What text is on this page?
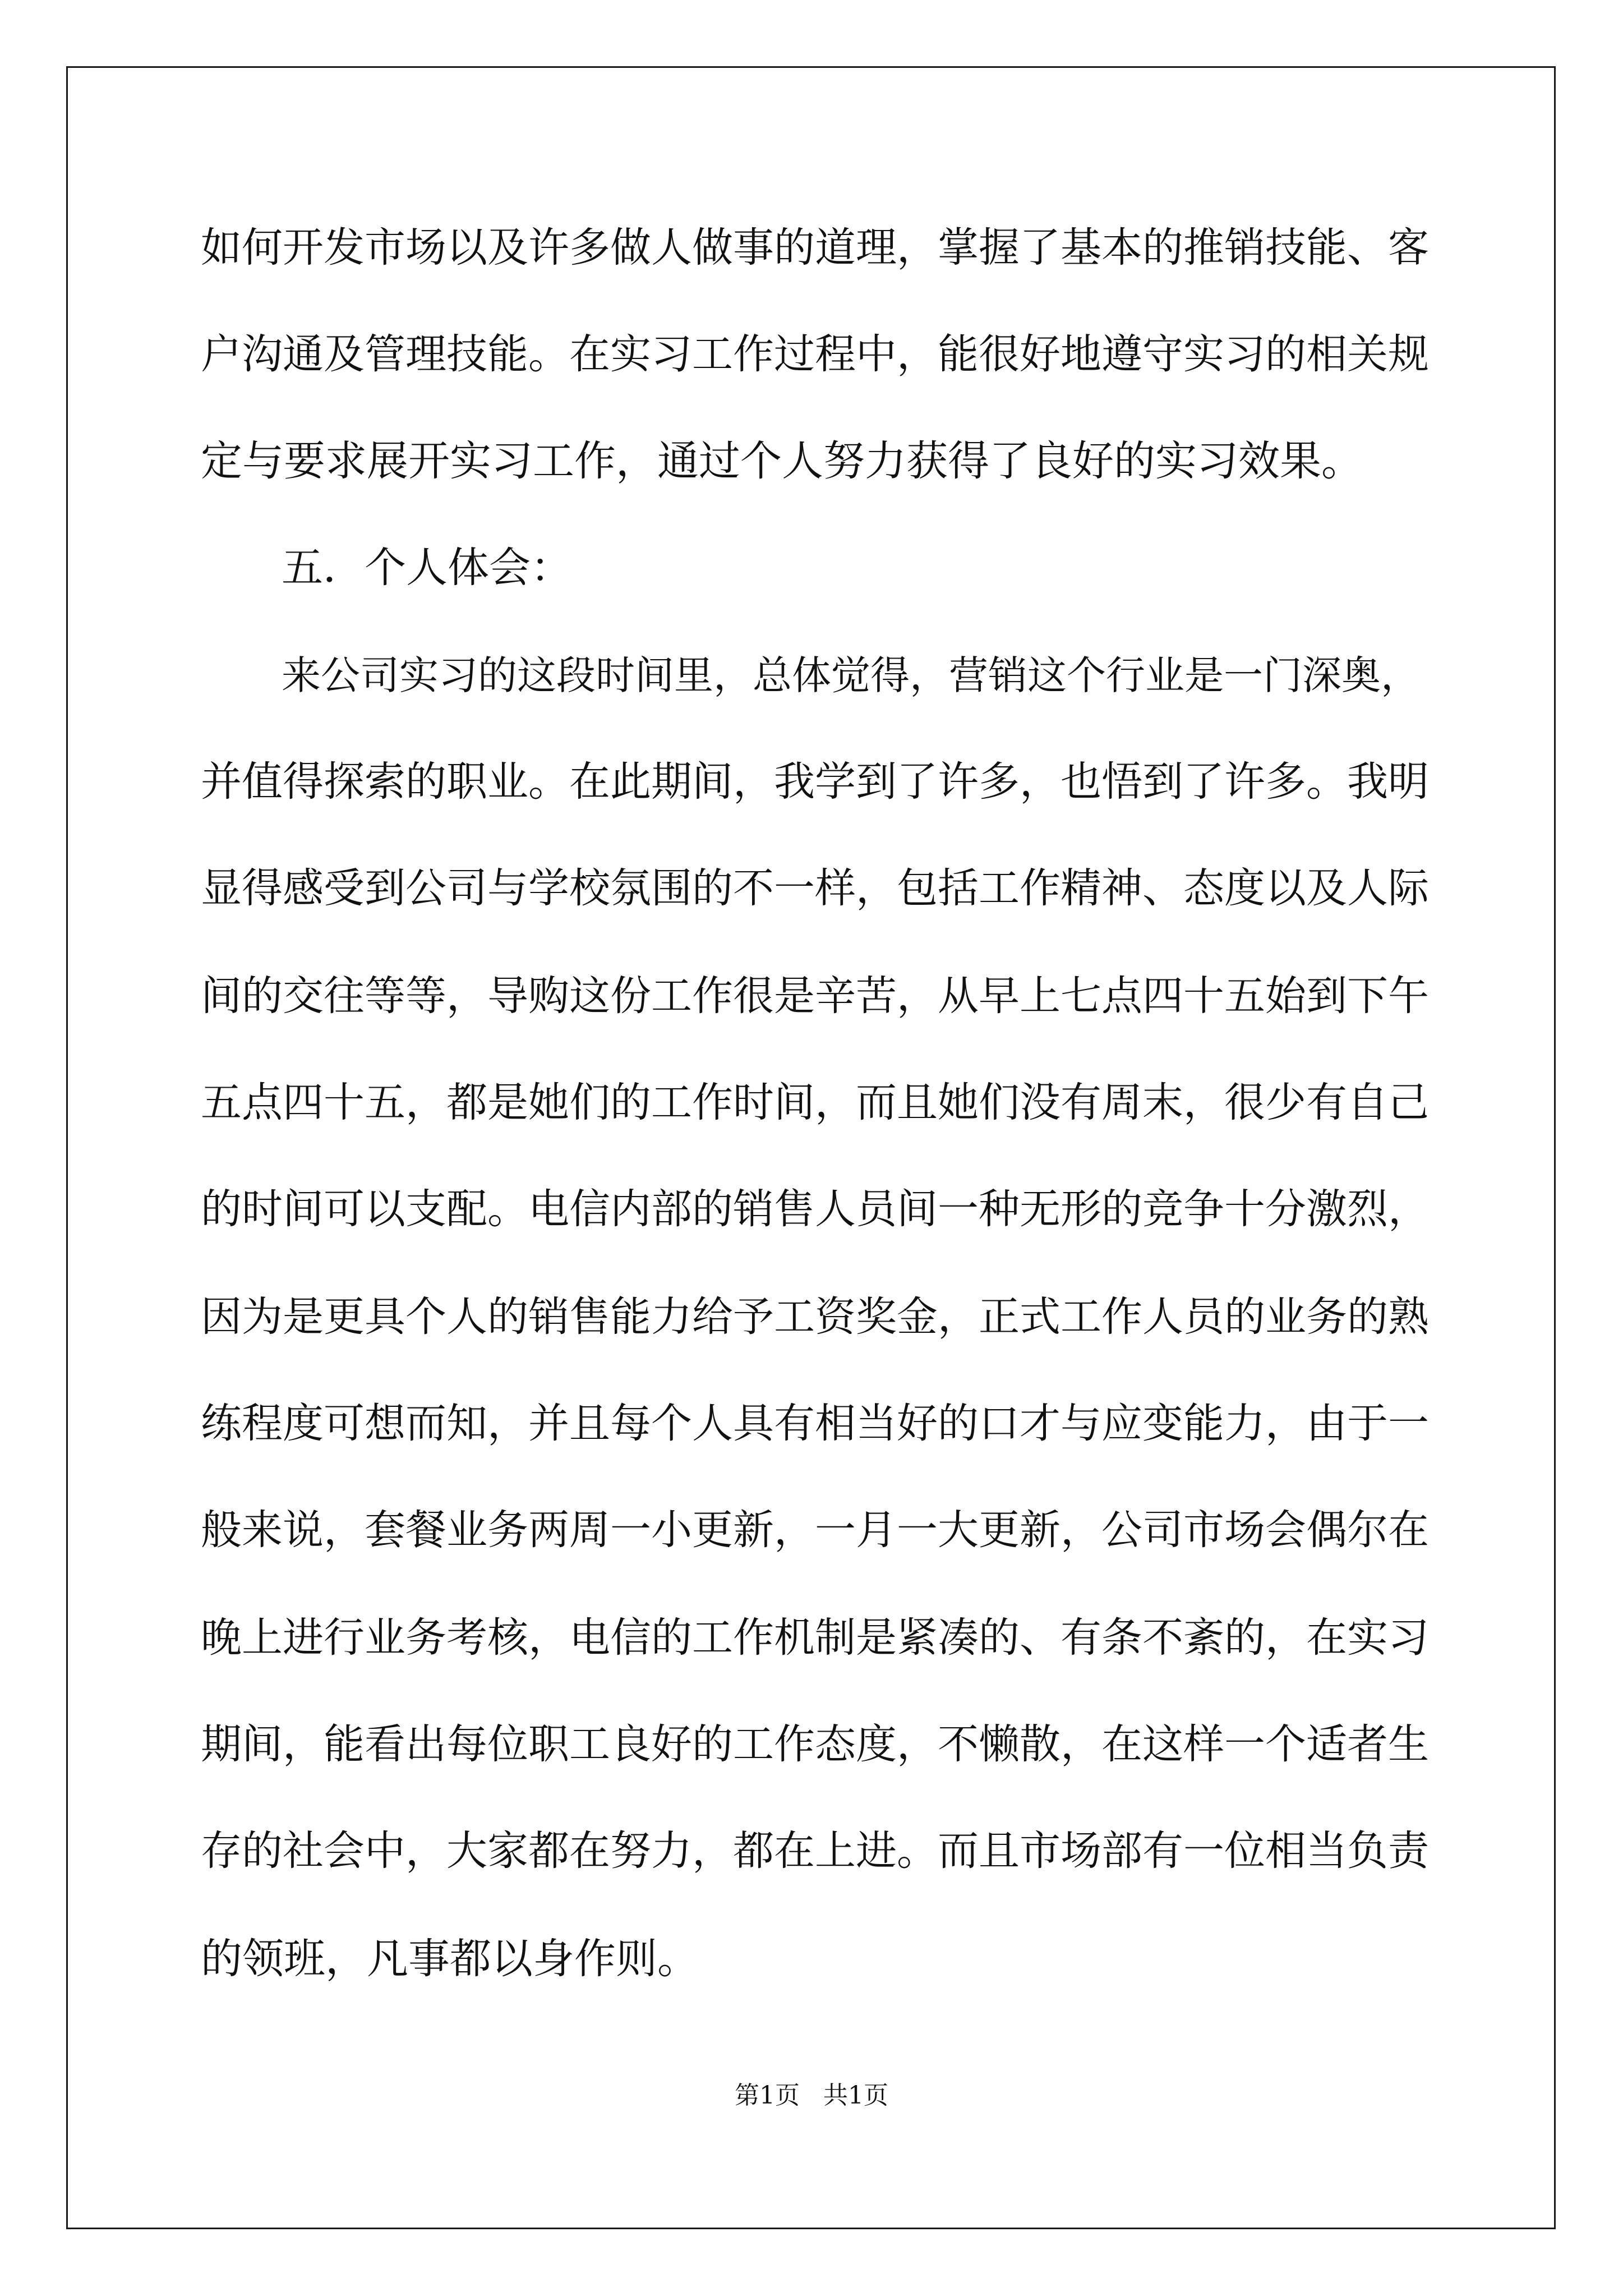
如何开发市场以及许多做人做事的道理，掌握了基本的推销技能、客

户沟通及管理技能。在实习工作过程中，能很好地遵守实习的相关规

定与要求展开实习工作，通过个人努力获得了良好的实习效果。

五．个人体会：

来公司实习的这段时间里，总体觉得，营销这个行业是一门深奥，

并值得探索的职业。在此期间，我学到了许多，也悟到了许多。我明

显得感受到公司与学校氛围的不一样，包括工作精神、态度以及人际

间的交往等等，导购这份工作很是辛苦，从早上七点四十五始到下午

五点四十五，都是她们的工作时间，而且她们没有周末，很少有自己

的时间可以支配。电信内部的销售人员间一种无形的竞争十分激烈，

因为是更具个人的销售能力给予工资奖金，正式工作人员的业务的熟

练程度可想而知，并且每个人具有相当好的口才与应变能力，由于一

般来说，套餐业务两周一小更新，一月一大更新，公司市场会偶尔在

晚上进行业务考核，电信的工作机制是紧凑的、有条不紊的，在实习

期间，能看出每位职工良好的工作态度，不懒散，在这样一个适者生

存的社会中，大家都在努力，都在上进。而且市场部有一位相当负责

的领班，凡事都以身作则。

第1页   共1页
